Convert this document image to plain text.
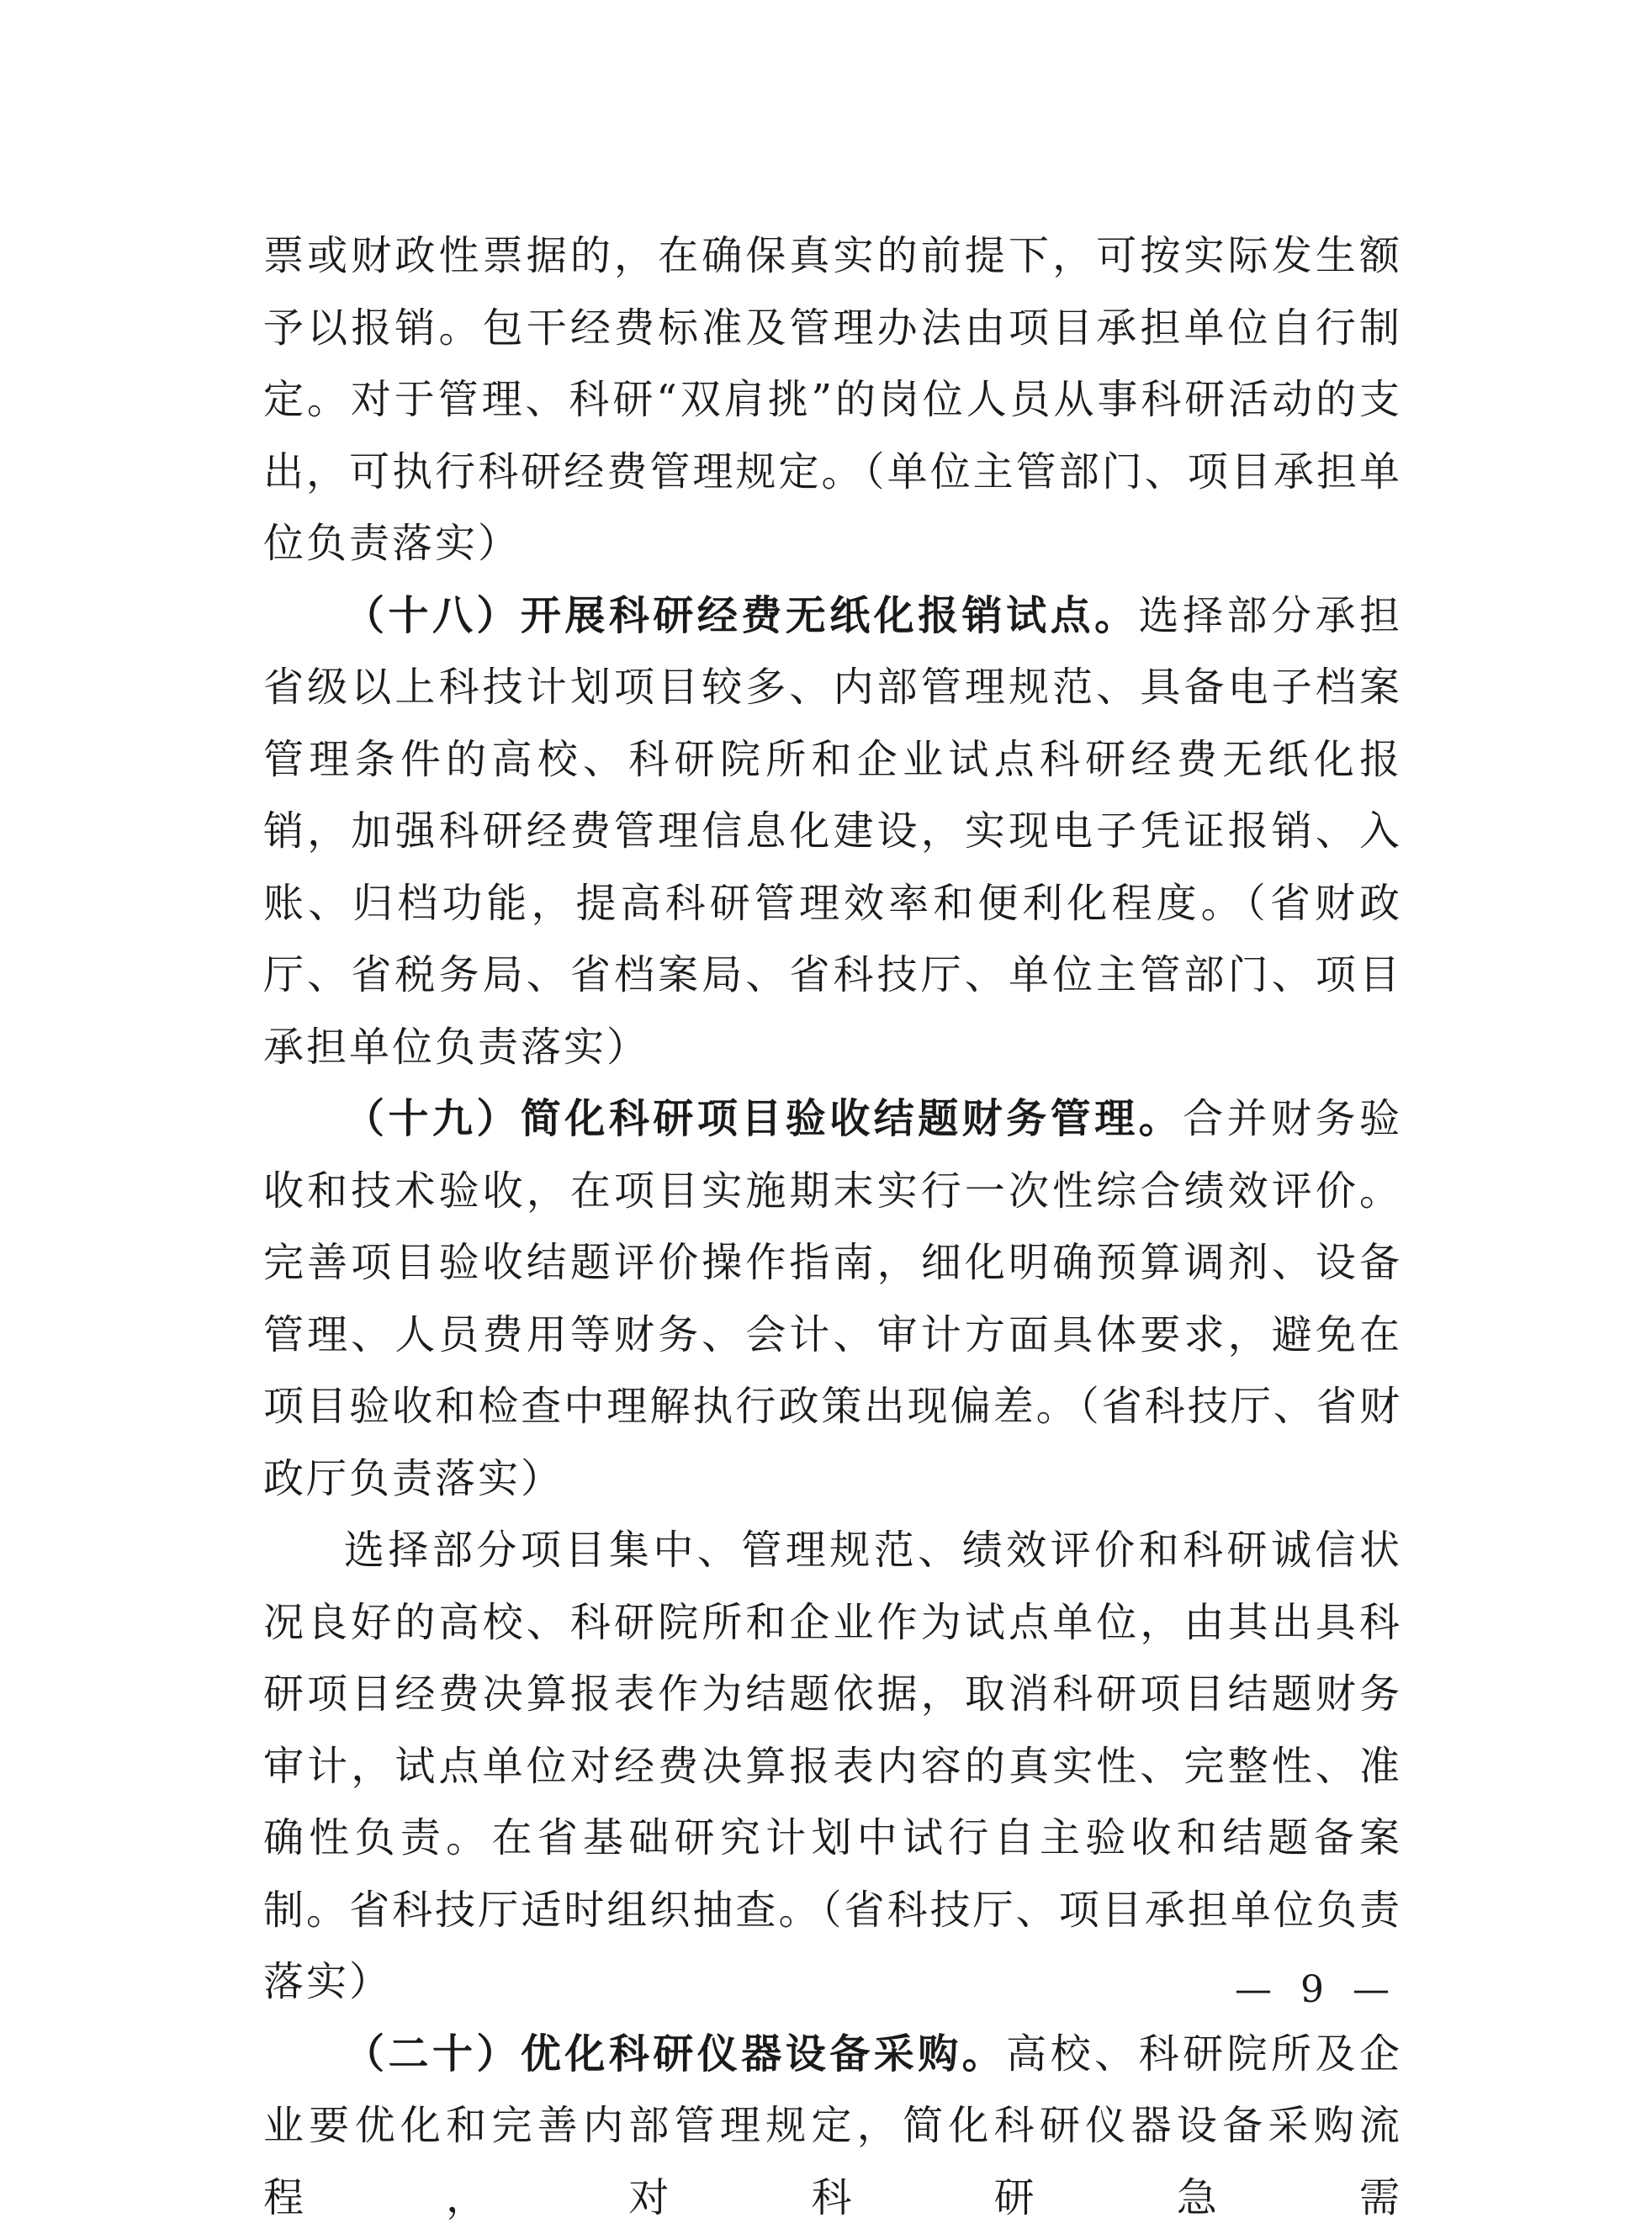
票或财政性票据的，在确保真实的前提下，可按实际发生额予以报销。包干经费标准及管理办法由项目承担单位自行制定。对于管理、科研“双肩挑”的岗位人员从事科研活动的支出，可执行科研经费管理规定。（单位主管部门、项目承担单位负责落实）

（十八）开展科研经费无纸化报销试点。选择部分承担省级以上科技计划项目较多、内部管理规范、具备电子档案管理条件的高校、科研院所和企业试点科研经费无纸化报销，加强科研经费管理信息化建设，实现电子凭证报销、入账、归档功能，提高科研管理效率和便利化程度。（省财政厅、省税务局、省档案局、省科技厅、单位主管部门、项目承担单位负责落实）

（十九）简化科研项目验收结题财务管理。合并财务验收和技术验收，在项目实施期末实行一次性综合绩效评价。完善项目验收结题评价操作指南，细化明确预算调剂、设备管理、人员费用等财务、会计、审计方面具体要求，避免在项目验收和检查中理解执行政策出现偏差。（省科技厅、省财政厅负责落实）

选择部分项目集中、管理规范、绩效评价和科研诚信状况良好的高校、科研院所和企业作为试点单位，由其出具科研项目经费决算报表作为结题依据，取消科研项目结题财务审计，试点单位对经费决算报表内容的真实性、完整性、准确性负责。在省基础研究计划中试行自主验收和结题备案制。省科技厅适时组织抽查。（省科技厅、项目承担单位负责落实）

（二十）优化科研仪器设备采购。高校、科研院所及企业要优化和完善内部管理规定，简化科研仪器设备采购流程，对科研急需

— 9 —
